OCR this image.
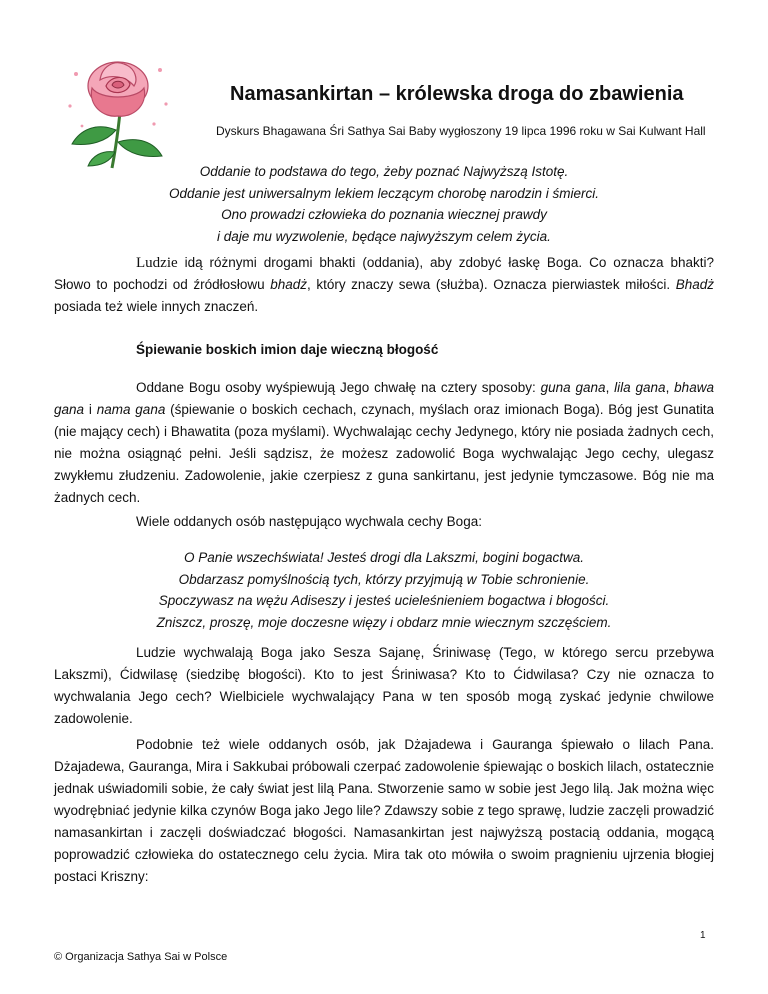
Namasankirtan – królewska droga do zbawienia
Dyskurs Bhagawana Śri Sathya Sai Baby wygłoszony 19 lipca 1996 roku w Sai Kulwant Hall
Oddanie to podstawa do tego, żeby poznać Najwyższą Istotę.
Oddanie jest uniwersalnym lekiem leczącym chorobę narodzin i śmierci.
Ono prowadzi człowieka do poznania wiecznej prawdy
i daje mu wyzwolenie, będące najwyższym celem życia.

Ludzie idą różnymi drogami bhakti (oddania), aby zdobyć łaskę Boga. Co oznacza bhakti? Słowo to pochodzi od źródłosłowu bhadż, który znaczy sewa (służba). Oznacza pierwiastek miłości. Bhadż posiada też wiele innych znaczeń.

Śpiewanie boskich imion daje wieczną błogość

Oddane Bogu osoby wyśpiewują Jego chwałę na cztery sposoby: guna gana, lila gana, bhawa gana i nama gana (śpiewanie o boskich cechach, czynach, myślach oraz imionach Boga). Bóg jest Gunatita (nie mający cech) i Bhawatita (poza myślami). Wychwalając cechy Jedynego, który nie posiada żadnych cech, nie można osiągnąć pełni. Jeśli sądzisz, że możesz zadowolić Boga wychwalając Jego cechy, ulegasz zwykłemu złudzeniu. Zadowolenie, jakie czerpiesz z guna sankirtanu, jest jedynie tymczasowe. Bóg nie ma żadnych cech.

Wiele oddanych osób następująco wychwala cechy Boga:

O Panie wszechświata! Jesteś drogi dla Lakszmi, bogini bogactwa.
Obdarzasz pomyślnością tych, którzy przyjmują w Tobie schronienie.
Spoczywasz na wężu Adiseszy i jesteś ucieleśnieniem bogactwa i błogości.
Zniszcz, proszę, moje doczesne więzy i obdarz mnie wiecznym szczęściem.

Ludzie wychwalają Boga jako Sesza Sajanę, Śriniwasę (Tego, w którego sercu przebywa Lakszmi), Ćidwilasę (siedzibę błogości). Kto to jest Śriniwasa? Kto to Ćidwilasa? Czy nie oznacza to wychwalania Jego cech? Wielbiciele wychwalający Pana w ten sposób mogą zyskać jedynie chwilowe zadowolenie.

Podobnie też wiele oddanych osób, jak Dżajadewa i Gauranga śpiewało o lilach Pana. Dżajadewa, Gauranga, Mira i Sakkubai próbowali czerpać zadowolenie śpiewając o boskich lilach, ostatecznie jednak uświadomili sobie, że cały świat jest lilą Pana. Stworzenie samo w sobie jest Jego lilą. Jak można więc wyodrębniać jedynie kilka czynów Boga jako Jego lile? Zdawszy sobie z tego sprawę, ludzie zaczęli prowadzić namasankirtan i zaczęli doświadczać błogości. Namasankirtan jest najwyższą postacią oddania, mogącą poprowadzić człowieka do ostatecznego celu życia. Mira tak oto mówiła o swoim pragnieniu ujrzenia błogiej postaci Kriszny:

1
© Organizacja Sathya Sai w Polsce
